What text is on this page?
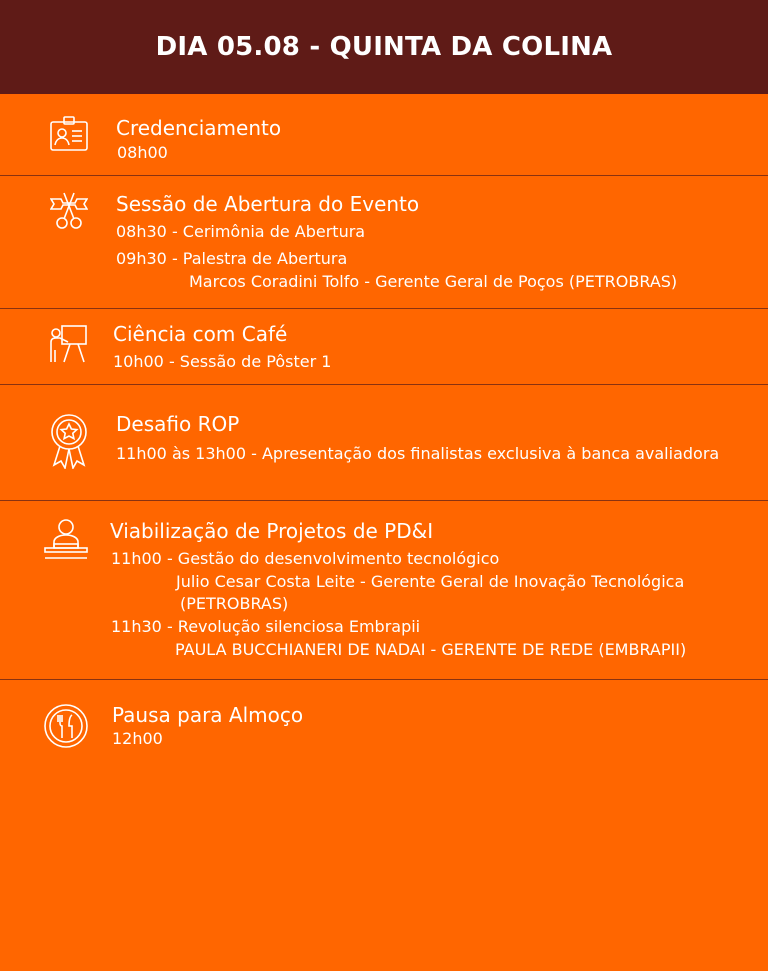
DIA 05.08 - QUINTA DA COLINA
Credenciamento
08h00
Sessão de Abertura do Evento
08h30 - Cerimônia de Abertura
09h30 - Palestra de Abertura
Marcos Coradini Tolfo - Gerente Geral de Poços (PETROBRAS)
Ciência com Café
10h00 - Sessão de Pôster 1
Desafio ROP
11h00 às 13h00 - Apresentação dos finalistas exclusiva à banca avaliadora
Viabilização de Projetos de PD&I
11h00 - Gestão do desenvolvimento tecnológico
Julio Cesar Costa Leite - Gerente Geral de Inovação Tecnológica
(PETROBRAS)
11h30 - Revolução silenciosa Embrapii
PAULA BUCCHIANERI DE NADAI - GERENTE DE REDE (EMBRAPII)
Pausa para Almoço
12h00
